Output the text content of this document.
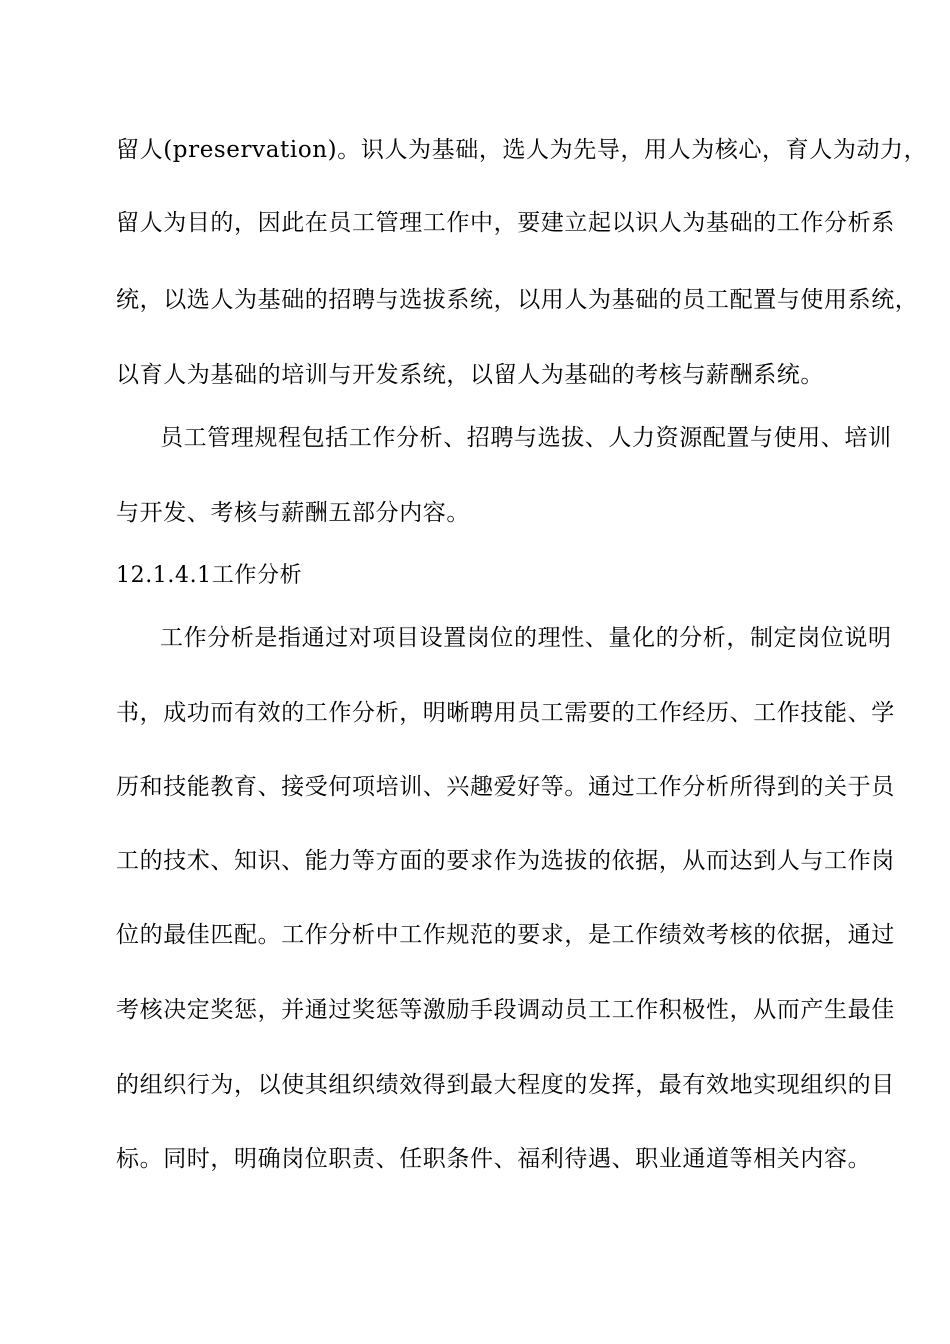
留人(preservation)。识人为基础，选人为先导，用人为核心，育人为动力，
留人为目的，因此在员工管理工作中，要建立起以识人为基础的工作分析系
统，以选人为基础的招聘与选拔系统，以用人为基础的员工配置与使用系统，
以育人为基础的培训与开发系统，以留人为基础的考核与薪酬系统。
员工管理规程包括工作分析、招聘与选拔、人力资源配置与使用、培训
与开发、考核与薪酬五部分内容。
12.1.4.1工作分析
工作分析是指通过对项目设置岗位的理性、量化的分析，制定岗位说明
书，成功而有效的工作分析，明晰聘用员工需要的工作经历、工作技能、学
历和技能教育、接受何项培训、兴趣爱好等。通过工作分析所得到的关于员
工的技术、知识、能力等方面的要求作为选拔的依据，从而达到人与工作岗
位的最佳匹配。工作分析中工作规范的要求，是工作绩效考核的依据，通过
考核决定奖惩，并通过奖惩等激励手段调动员工工作积极性，从而产生最佳
的组织行为，以使其组织绩效得到最大程度的发挥，最有效地实现组织的目
标。同时，明确岗位职责、任职条件、福利待遇、职业通道等相关内容。
